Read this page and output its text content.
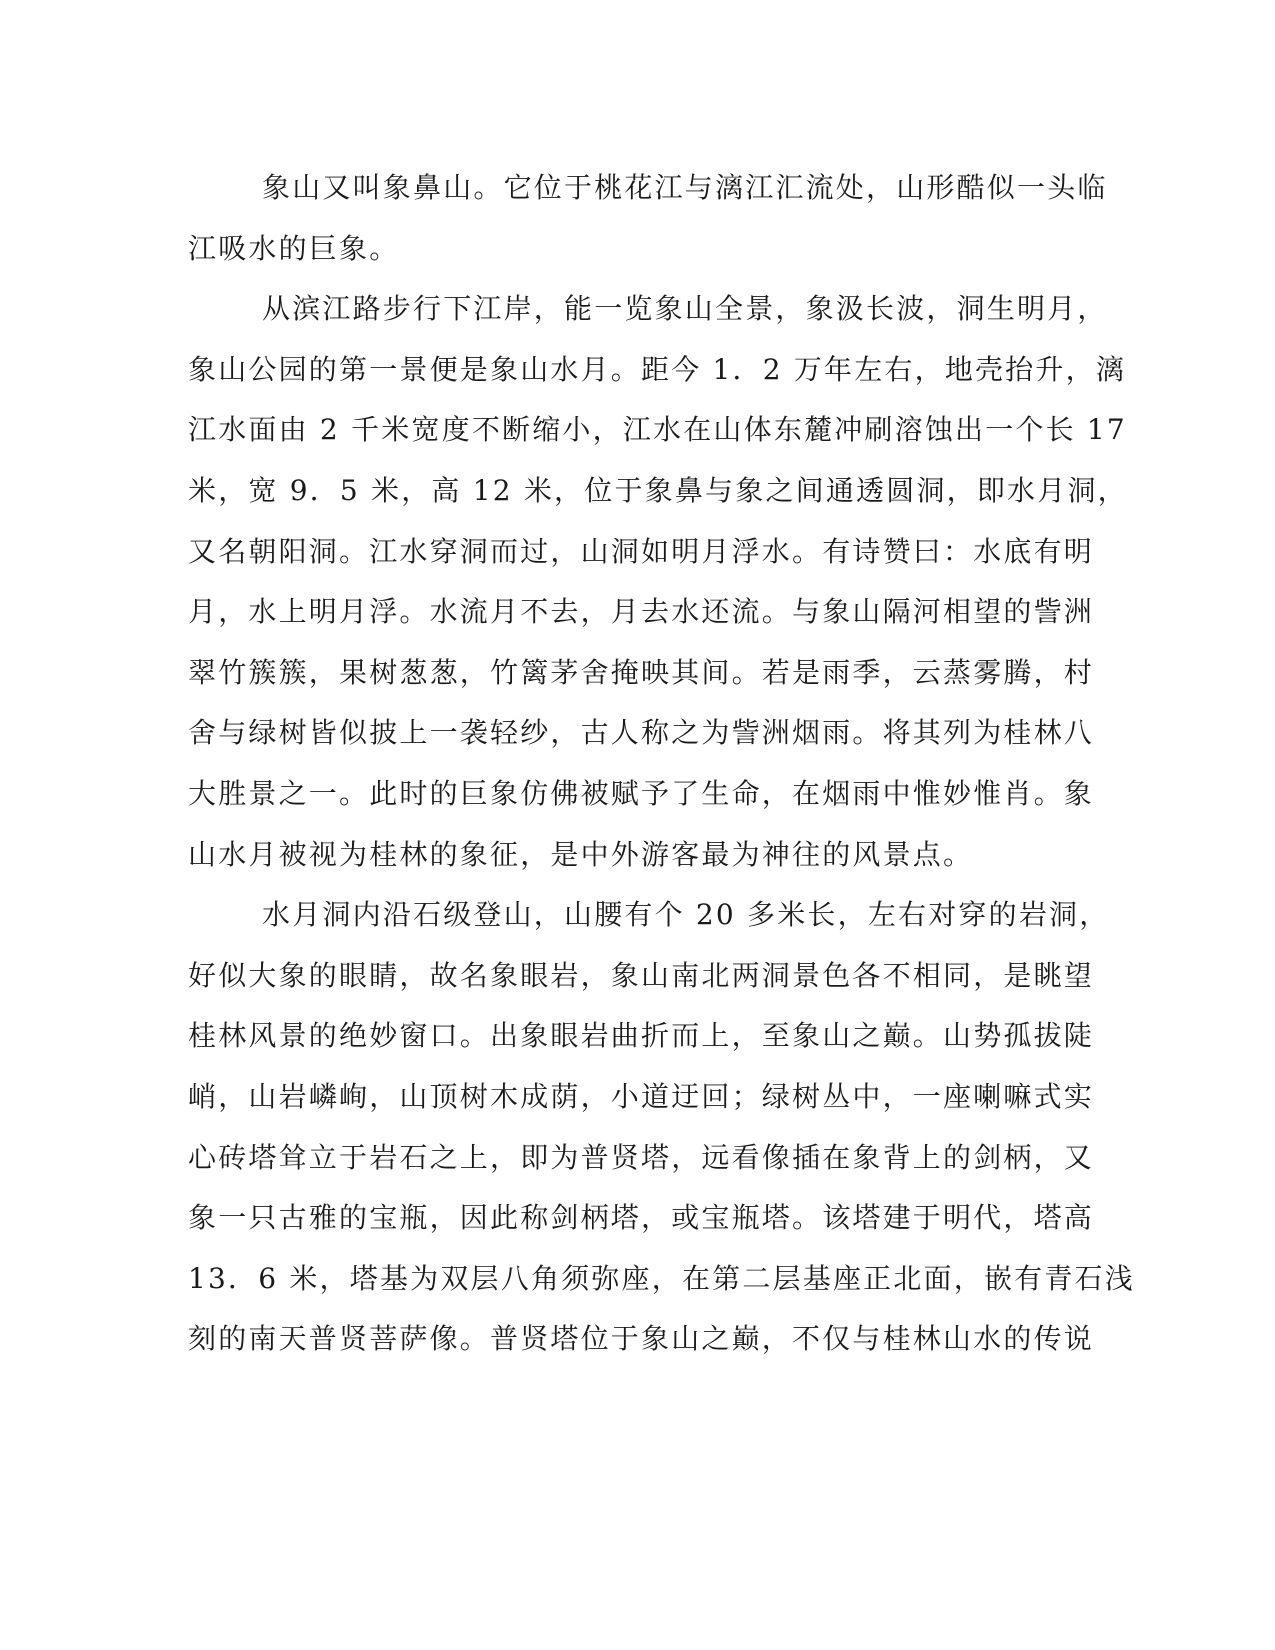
象山又叫象鼻山。它位于桃花江与漓江汇流处，山形酷似一头临
江吸水的巨象。
从滨江路步行下江岸，能一览象山全景，象汲长波，洞生明月，
象山公园的第一景便是象山水月。距今 1．2 万年左右，地壳抬升，漓
江水面由 2 千米宽度不断缩小，江水在山体东麓冲刷溶蚀出一个长 17
米，宽 9．5 米，高 12 米，位于象鼻与象之间通透圆洞，即水月洞，
又名朝阳洞。江水穿洞而过，山洞如明月浮水。有诗赞曰：水底有明
月，水上明月浮。水流月不去，月去水还流。与象山隔河相望的訾洲
翠竹簇簇，果树葱葱，竹篱茅舍掩映其间。若是雨季，云蒸雾腾，村
舍与绿树皆似披上一袭轻纱，古人称之为訾洲烟雨。将其列为桂林八
大胜景之一。此时的巨象仿佛被赋予了生命，在烟雨中惟妙惟肖。象
山水月被视为桂林的象征，是中外游客最为神往的风景点。
水月洞内沿石级登山，山腰有个 20 多米长，左右对穿的岩洞，
好似大象的眼睛，故名象眼岩，象山南北两洞景色各不相同，是眺望
桂林风景的绝妙窗口。出象眼岩曲折而上，至象山之巅。山势孤拔陡
峭，山岩嶙峋，山顶树木成荫，小道迂回；绿树丛中，一座喇嘛式实
心砖塔耸立于岩石之上，即为普贤塔，远看像插在象背上的剑柄，又
象一只古雅的宝瓶，因此称剑柄塔，或宝瓶塔。该塔建于明代，塔高
13．6 米，塔基为双层八角须弥座，在第二层基座正北面，嵌有青石浅
刻的南天普贤菩萨像。普贤塔位于象山之巅，不仅与桂林山水的传说
